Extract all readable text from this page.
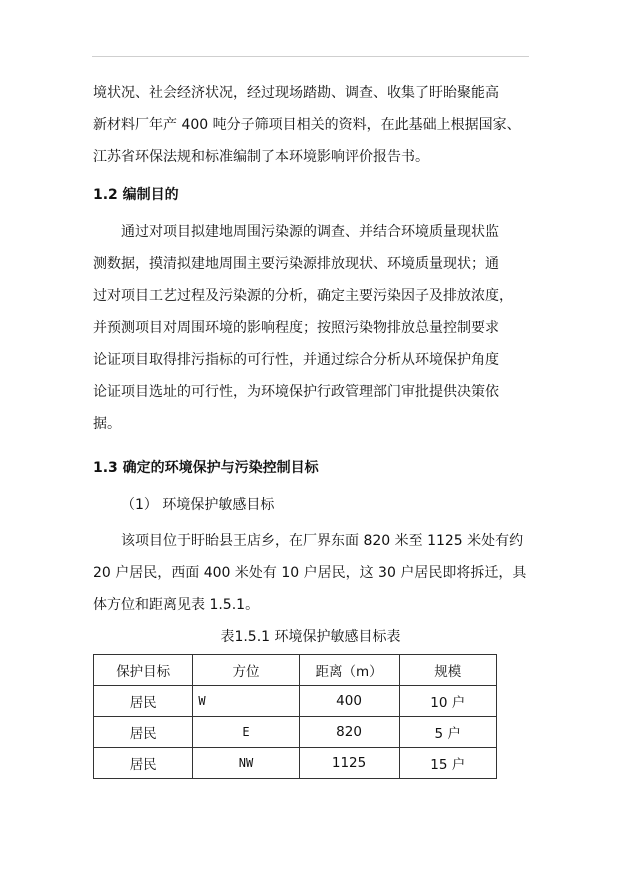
境状况、社会经济状况，经过现场踏勘、调查、收集了盱眙聚能高
新材料厂年产 400 吨分子筛项目相关的资料，在此基础上根据国家、
江苏省环保法规和标准编制了本环境影响评价报告书。
1.2 编制目的
通过对项目拟建地周围污染源的调查、并结合环境质量现状监
测数据，摸清拟建地周围主要污染源排放现状、环境质量现状；通
过对项目工艺过程及污染源的分析，确定主要污染因子及排放浓度，
并预测项目对周围环境的影响程度；按照污染物排放总量控制要求
论证项目取得排污指标的可行性，并通过综合分析从环境保护角度
论证项目选址的可行性，为环境保护行政管理部门审批提供决策依
据。
1.3 确定的环境保护与污染控制目标
（1） 环境保护敏感目标
该项目位于盱眙县王店乡，在厂界东面 820 米至 1125 米处有约
20 户居民，西面 400 米处有 10 户居民，这 30 户居民即将拆迁，具
体方位和距离见表 1.5.1。
表1.5.1 环境保护敏感目标表
保护目标	方位	距离（m）	规模
居民	W	400	10 户
居民	E	820	5 户
居民	NW	1125	15 户
